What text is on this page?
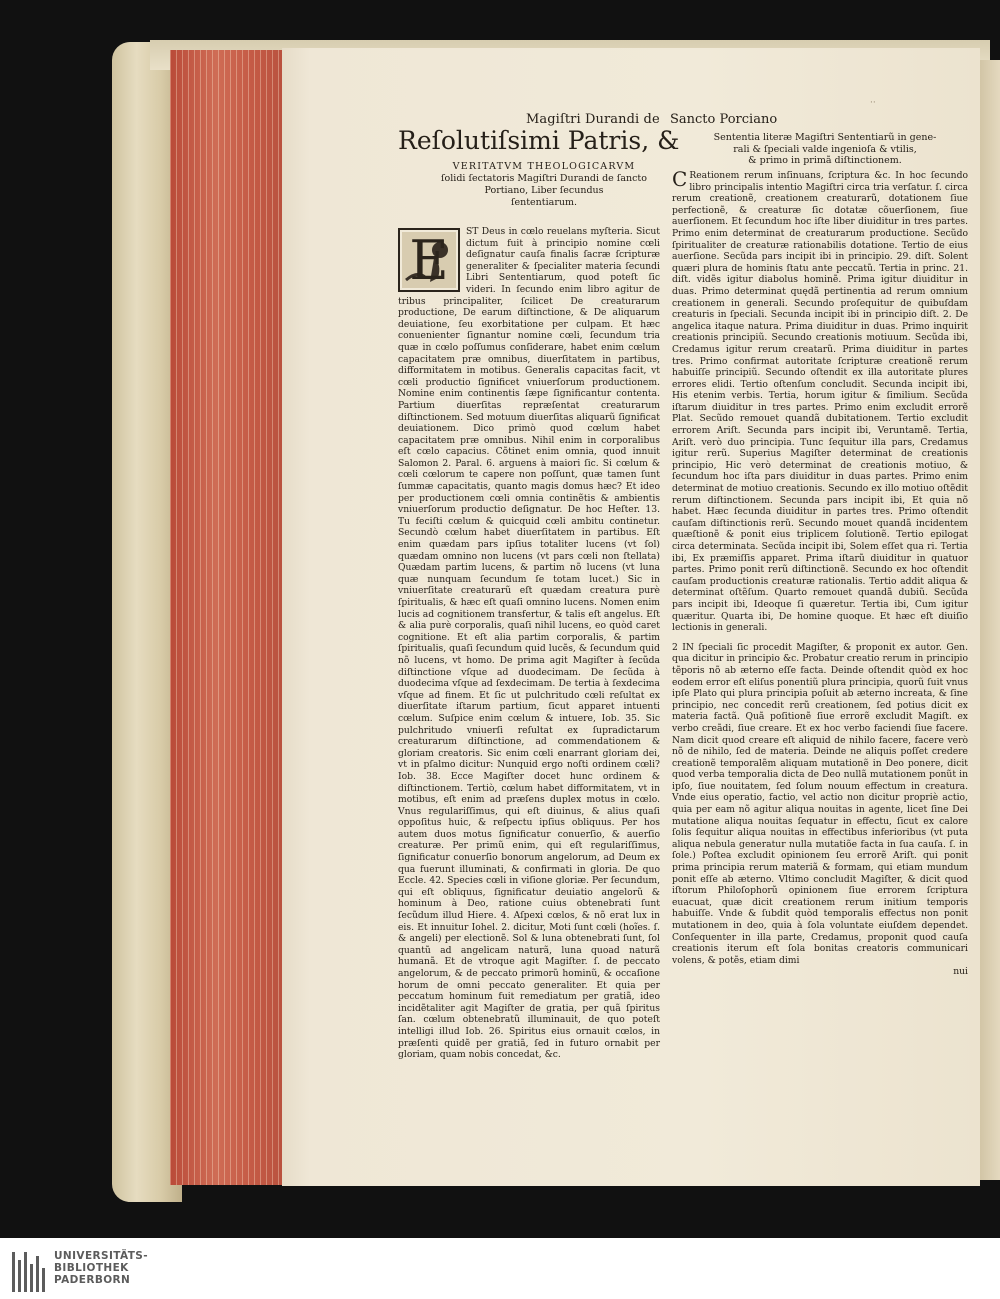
Magiſtri Durandi de Sancto Porciano
··
Reſolutiſsimi Patris, &
VERITATVM THEOLOGICARVM
ſolidi ſectatoris Magiſtri Durandi de ſancto
Portiano, Liber ſecundus
ſententiarum.
E	ST Deus in cœlo reuelans myſteria. Sicut dictum fuit à principio nomine cœli deſignatur cauſa finalis ſacræ ſcripturæ generaliter & ſpecialiter materia ſecundi Libri Sententiarum, quod poteſt ſic videri. In ſecundo enim libro agitur de tribus principaliter, ſcilicet De creaturarum productione, De earum diſtinctione, & De aliquarum deuiatione, ſeu exorbitatione per culpam. Et hæc conuenienter ſignantur nomine cœli, ſecundum tria quæ in cœlo poſſumus conſiderare, habet enim cœlum capacitatem præ omnibus, diuerſitatem in partibus, difformitatem in motibus. Generalis capacitas facit, vt cœli productio ſignificet vniuerſorum productionem. Nomine enim continentis ſæpe ſignificantur contenta. Partium diuerſitas repræſentat creaturarum diſtinctionem. Sed motuum diuerſitas aliquarũ ſignificat deuiationem. Dico primò quod cœlum habet capacitatem præ omnibus. Nihil enim in corporalibus eſt cœlo capacius. Cõtinet enim omnia, quod innuit Salomon 2. Paral. 6. arguens à maiori ſic. Si cœlum & cœli cœlorum te capere non poſſunt, quæ tamen ſunt ſummæ capacitatis, quanto magis domus hæc? Et ideo per productionem cœli omnia continẽtis & ambientis vniuerſorum productio deſignatur. De hoc Heſter. 13. Tu feciſti cœlum & quicquid cœli ambitu continetur. Secundò cœlum habet diuerſitatem in partibus. Eſt enim quædam pars ipſius totaliter lucens (vt ſol) quædam omnino non lucens (vt pars cœli non ſtellata) Quædam partim lucens, & partim nõ lucens (vt luna quæ nunquam ſecundum ſe totam lucet.) Sic in vniuerſitate creaturarũ eſt quædam creatura purè ſpiritualis, & hæc eſt quaſi omnino lucens. Nomen enim lucis ad cognitionem transfertur, & talis eſt angelus. Eſt & alia purè corporalis, quaſi nihil lucens, eo quòd caret cognitione. Et eſt alia partim corporalis, & partim ſpiritualis, quaſi ſecundum quid lucẽs, & ſecundum quid nõ lucens, vt homo. De prima agit Magiſter à ſecũda diſtinctione vſque ad duodecimam. De ſecũda à duodecima vſque ad ſexdecimam. De tertia à ſexdecima vſque ad finem. Et ſic ut pulchritudo cœli reſultat ex diuerſitate iſtarum partium, ſicut apparet intuenti cœlum. Suſpice enim cœlum & intuere, Iob. 35. Sic pulchritudo vniuerſi reſultat ex ſupradictarum creaturarum diſtinctione, ad commendationem & gloriam creatoris. Sic enim cœli enarrant gloriam dei, vt in pſalmo dicitur: Nunquid ergo noſti ordinem cœli? Iob. 38. Ecce Magiſter docet hunc ordinem & diſtinctionem. Tertiò, cœlum habet difformitatem, vt in motibus, eſt enim ad præſens duplex motus in cœlo. Vnus regulariſſimus, qui eſt diuinus, & alius quaſi oppoſitus huic, & reſpectu ipſius obliquus. Per hos autem duos motus ſignificatur conuerſio, & auerſio creaturæ. Per primũ enim, qui eſt regulariſſimus, ſignificatur conuerſio bonorum angelorum, ad Deum ex qua fuerunt illuminati, & confirmati in gloria. De quo Eccle. 42. Species cœli in viſione gloriæ. Per ſecundum, qui eſt obliquus, ſignificatur deuiatio angelorũ & hominum à Deo, ratione cuius obtenebrati ſunt ſecũdum illud Hiere. 4. Aſpexi cœlos, & nõ erat lux in eis. Et innuitur Iohel. 2. dicitur, Moti ſunt cœli (hoĩes. ſ. & angeli) per electionẽ. Sol & luna obtenebrati ſunt, ſol quantũ ad angelicam naturã, luna quoad naturã humanã. Et de vtroque agit Magiſter. ſ. de peccato angelorum, & de peccato primorũ hominũ, & occaſione horum de omni peccato generaliter. Et quia per peccatum hominum fuit remediatum per gratiã, ideo incidẽtaliter agit Magiſter de gratia, per quã ſpiritus ſan. cœlum obtenebratũ illuminauit, de quo poteſt intelligi illud Iob. 26. Spiritus eius ornauit cœlos, in præſenti quidẽ per gratiã, ſed in futuro ornabit per gloriam, quam nobis concedat, &c.

Sententia literæ Magiſtri Sententiarũ in gene-
rali & ſpeciali valde ingenioſa & vtilis,
& primo in primã diſtinctionem.

C Reationem rerum inſinuans, ſcriptura &c. In hoc ſecundo libro principalis intentio Magiſtri circa tria verſatur. ſ. circa rerum creationẽ, creationem creaturarũ, dotationem ſiue perfectionẽ, & creaturæ ſic dotatæ cõuerſionem, ſiue auerſionem. Et ſecundum hoc iſte liber diuiditur in tres partes. Primo enim determinat de creaturarum productione. Secũdo ſpiritualiter de creaturæ rationabilis dotatione. Tertio de eius auerſione. Secũda pars incipit ibi in principio. 29. diſt. Solent quæri plura de hominis ſtatu ante peccatũ. Tertia in princ. 21. diſt. vidẽs igitur diabolus hominẽ. Prima igitur diuiditur in duas. Primo determinat quędã pertinentia ad rerum omnium creationem in generali. Secundo proſequitur de quibuſdam creaturis in ſpeciali. Secunda incipit ibi in principio diſt. 2. De angelica itaque natura. Prima diuiditur in duas. Primo inquirit creationis principiũ. Secundo creationis motiuum. Secũda ibi, Credamus igitur rerum creatarũ. Prima diuiditur in partes tres. Primo confirmat autoritate ſcripturæ creationẽ rerum habuiſſe principiũ. Secundo oſtendit ex illa autoritate plures errores elidi. Tertio oſtenſum concludit. Secunda incipit ibi, His etenim verbis. Tertia, horum igitur & ſimilium. Secũda iſtarum diuiditur in tres partes. Primo enim excludit errorẽ Plat. Secũdo remouet quandã dubitationem. Tertio excludit errorem Ariſt. Secunda pars incipit ibi, Veruntamẽ. Tertia, Ariſt. verò duo principia. Tunc ſequitur illa pars, Credamus igitur rerũ. Superius Magiſter determinat de creationis principio, Hic verò determinat de creationis motiuo, & ſecundum hoc iſta pars diuiditur in duas partes. Primo enim determinat de motiuo creationis. Secundo ex illo motiuo oſtẽdit rerum diſtinctionem. Secunda pars incipit ibi, Et quia nõ habet. Hæc ſecunda diuiditur in partes tres. Primo oſtendit cauſam diſtinctionis rerũ. Secundo mouet quandã incidentem quæſtionẽ & ponit eius triplicem ſolutionẽ. Tertio epilogat circa determinata. Secũda incipit ibi, Solem eſſet qua ri. Tertia ibi, Ex præmiſſis apparet. Prima iſtarũ diuiditur in quatuor partes. Primo ponit rerũ diſtinctionẽ. Secundo ex hoc oſtendit cauſam productionis creaturæ rationalis. Tertio addit aliqua & determinat oſtẽſum. Quarto remouet quandã dubiũ. Secũda pars incipit ibi, Ideoque ſi quæretur. Tertia ibi, Cum igitur quæritur. Quarta ibi, De homine quoque. Et hæc eſt diuiſio lectionis in generali.

2 IN ſpeciali ſic procedit Magiſter, & proponit ex autor. Gen. qua dicitur in principio &c. Probatur creatio rerum in principio tẽporis nõ ab æterno eſſe facta. Deinde oſtendit quòd ex hoc eodem error eſt eliſus ponentiũ plura principia, quorũ ſuit vnus ipſe Plato qui plura principia poſuit ab æterno increata, & ſine principio, nec concedit rerũ creationem, ſed potius dicit ex materia factã. Quã poſitionẽ ſiue errorẽ excludit Magiſt. ex verbo creãdi, ſiue creare. Et ex hoc verbo faciendi ſiue facere. Nam dicit quod creare eſt aliquid de nihilo facere, facere verò nõ de nihilo, ſed de materia. Deinde ne aliquis poſſet credere creationẽ temporalẽm aliquam mutationẽ in Deo ponere, dicit quod verba temporalia dicta de Deo nullã mutationem ponũt in ipſo, ſiue nouitatem, ſed ſolum nouum effectum in creatura. Vnde eius operatio, factio, vel actio non dicitur propriè actio, quia per eam nõ agitur aliqua nouitas in agente, licet ſine Dei mutatione aliqua nouitas ſequatur in effectu, ſicut ex calore ſolis ſequitur aliqua nouitas in effectibus inferioribus (vt puta aliqua nebula generatur nulla mutatiõe facta in ſua cauſa. ſ. in ſole.) Poſtea excludit opinionem ſeu errorẽ Ariſt. qui ponit prima principia rerum materiã & formam, qui etiam mundum ponit eſſe ab æterno. Vltimo concludit Magiſter, & dicit quod iſtorum Philoſophorũ opinionem ſiue errorem ſcriptura euacuat, quæ dicit creationem rerum initium temporis habuiſſe. Vnde & ſubdit quòd temporalis effectus non ponit mutationem in deo, quia à ſola voluntate eiuſdem dependet. Conſequenter in illa parte, Credamus, proponit quod cauſa creationis iterum eſt ſola bonitas creatoris communicari volens, & potẽs, etiam dimi

nui

UNIVERSITÄTS-
BIBLIOTHEK
PADERBORN
